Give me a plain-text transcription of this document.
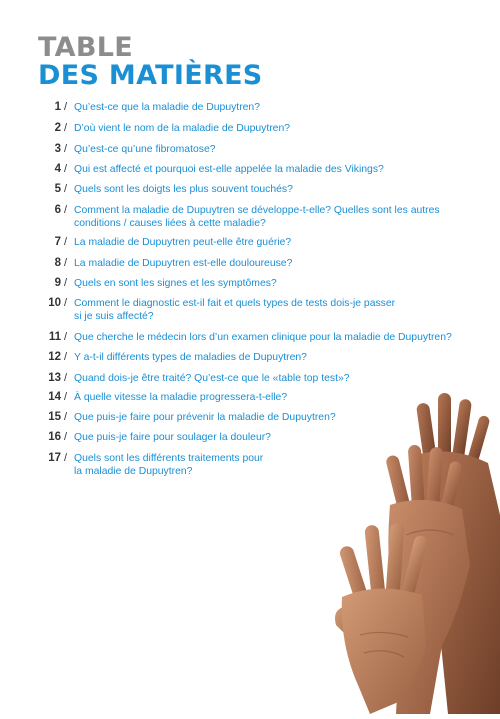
TABLE
DES MATIÈRES
1 / Qu’est-ce que la maladie de Dupuytren?
2 / D’où vient le nom de la maladie de Dupuytren?
3 / Qu’est-ce qu’une fibromatose?
4 / Qui est affecté et pourquoi est-elle appelée la maladie des Vikings?
5 / Quels sont les doigts les plus souvent touchés?
6 / Comment la maladie de Dupuytren se développe-t-elle? Quelles sont les autres
conditions / causes liées à cette maladie?
7 / La maladie de Dupuytren peut-elle être guérie?
8 / La maladie de Dupuytren est-elle douloureuse?
9 / Quels en sont les signes et les symptômes?
10 / Comment le diagnostic est-il fait et quels types de tests dois-je passer
si je suis affecté?
11 / Que cherche le médecin lors d’un examen clinique pour la maladie de Dupuytren?
12 / Y a-t-il différents types de maladies de Dupuytren?
13 / Quand dois-je être traité? Qu’est-ce que le «table top test»?
14 / À quelle vitesse la maladie progressera-t-elle?
15 / Que puis-je faire pour prévenir la maladie de Dupuytren?
16 / Que puis-je faire pour soulager la douleur?
17 / Quels sont les différents traitements pour
la maladie de Dupuytren?
